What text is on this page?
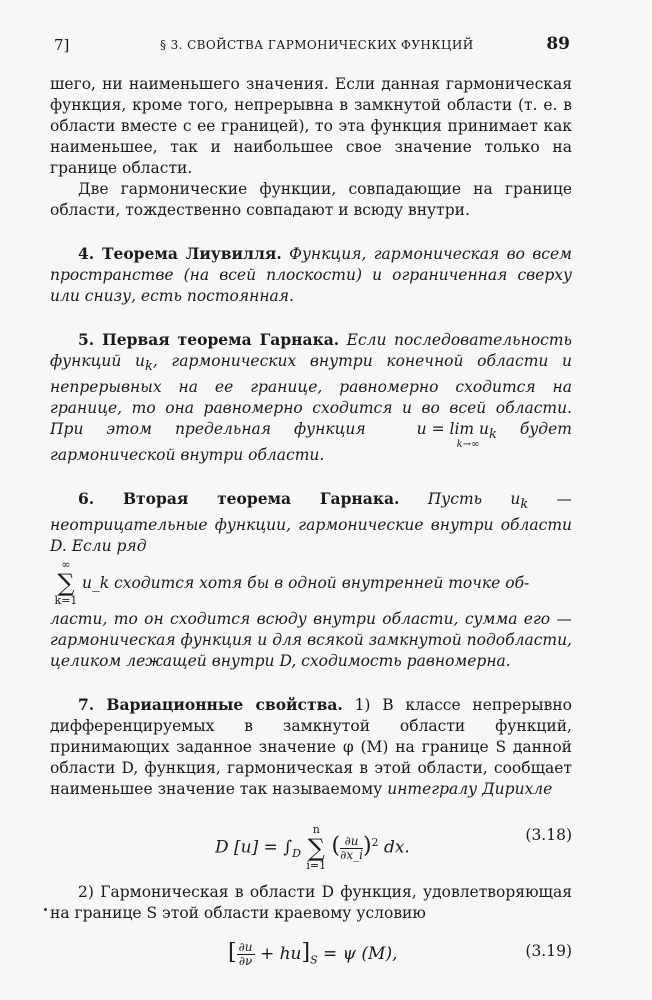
7]	§ 3. СВОЙСТВА ГАРМОНИЧЕСКИХ ФУНКЦИЙ	89

шего, ни наименьшего значения. Если данная гармоническая функция, кроме того, непрерывна в замкнутой области (т. е. в области вместе с ее границей), то эта функция принимает как наименьшее, так и наибольшее свое значение только на границе области.

Две гармонические функции, совпадающие на границе области, тождественно совпадают и всюду внутри.

4. Теорема Лиувилля. Функция, гармоническая во всем пространстве (на всей плоскости) и ограниченная сверху или снизу, есть постоянная.

5. Первая теорема Гарнака. Если последовательность функций $u_k$, гармонических внутри конечной области и непрерывных на ее границе, равномерно сходится на границе, то она равномерно сходится и во всей области. При этом предельная функция	$u = \lim u_k$
k→∞
будет гармонической внутри области.

6. Вторая теорема Гарнака. Пусть $u_k$ — неотрицательные функции, гармонические внутри области D. Если ряд

∞
∑
k=1
u_k сходится хотя бы в одной внутренней точке об-

ласти, то он сходится всюду внутри области, сумма его — гармоническая функция и для всякой замкнутой подобласти, целиком лежащей внутри D, сходимость равномерна.

7. Вариационные свойства. 1) В классе непрерывно дифференцируемых в замкнутой области функций, принимающих заданное значение φ (M) на границе S данной области D, функция, гармоническая в этой области, сообщает наименьшее значение так называемому интегралу Дирихле

D $[u] = \int_D$
n
∑
i=1
( $\frac{\partial u}{\partial x\_i} )^2$ dx.
(3.18)

2) Гармоническая в области D функция, удовлетворяющая на границе S этой области краевому условию

[ $\frac{\partial u}{\partial\nu} + hu]_S = \psi$ (M),	(3.19)
